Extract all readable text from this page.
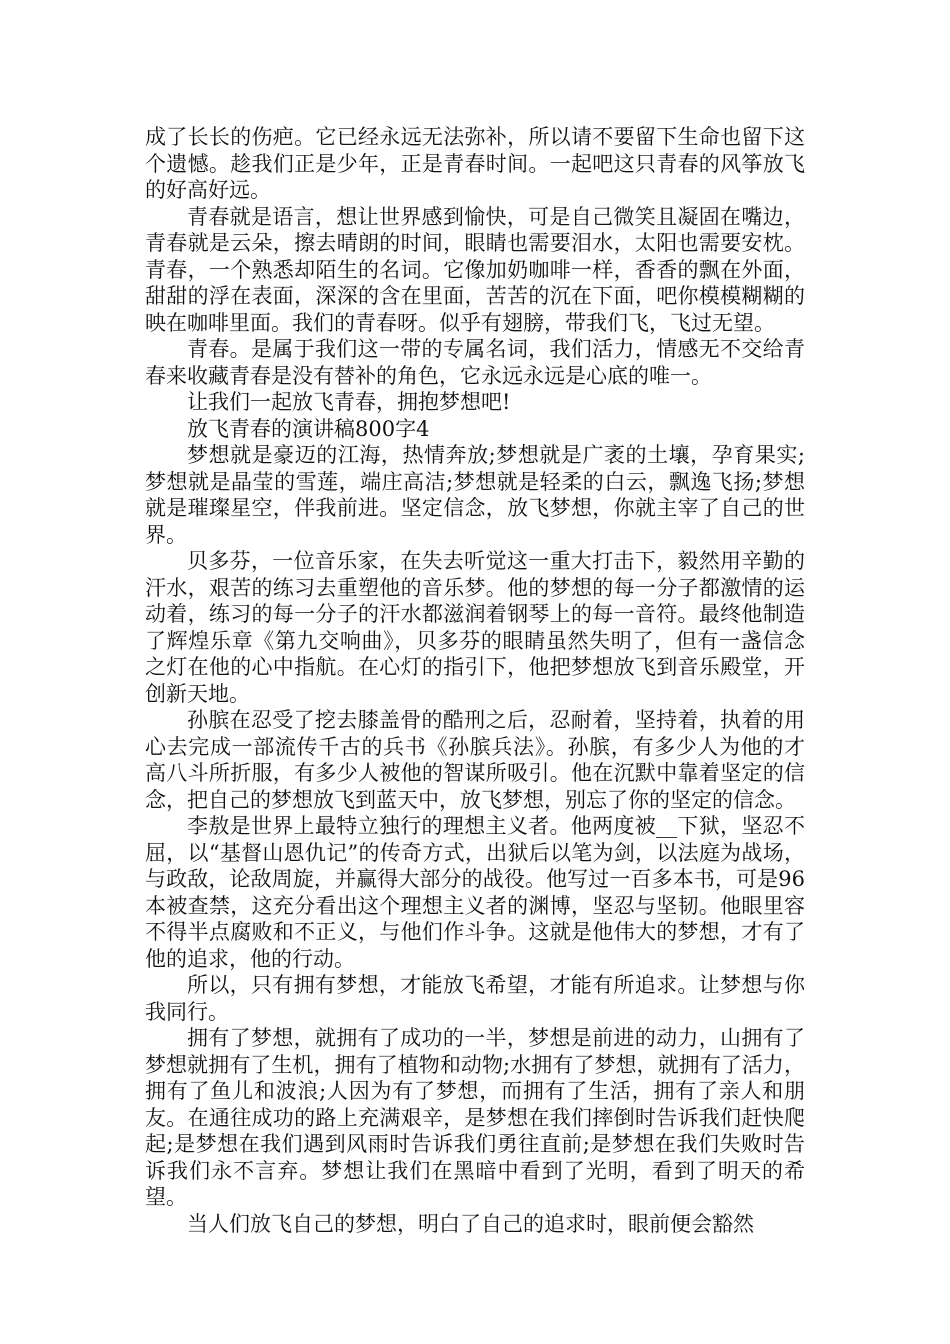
成了长长的伤疤。它已经永远无法弥补，所以请不要留下生命也留下这个遗憾。趁我们正是少年，正是青春时间。一起吧这只青春的风筝放飞的好高好远。

青春就是语言，想让世界感到愉快，可是自己微笑且凝固在嘴边，青春就是云朵，擦去晴朗的时间，眼睛也需要泪水，太阳也需要安枕。青春，一个熟悉却陌生的名词。它像加奶咖啡一样，香香的飘在外面，甜甜的浮在表面，深深的含在里面，苦苦的沉在下面，吧你模模糊糊的映在咖啡里面。我们的青春呀。似乎有翅膀，带我们飞，飞过无望。

青春。是属于我们这一带的专属名词，我们活力，情感无不交给青春来收藏青春是没有替补的角色，它永远永远是心底的唯一。

让我们一起放飞青春，拥抱梦想吧!

放飞青春的演讲稿800字4

梦想就是豪迈的江海，热情奔放;梦想就是广袤的土壤，孕育果实;梦想就是晶莹的雪莲，端庄高洁;梦想就是轻柔的白云，飘逸飞扬;梦想就是璀璨星空，伴我前进。坚定信念，放飞梦想，你就主宰了自己的世界。

贝多芬，一位音乐家，在失去听觉这一重大打击下，毅然用辛勤的汗水，艰苦的练习去重塑他的音乐梦。他的梦想的每一分子都激情的运动着，练习的每一分子的汗水都滋润着钢琴上的每一音符。最终他制造了辉煌乐章《第九交响曲》，贝多芬的眼睛虽然失明了，但有一盏信念之灯在他的心中指航。在心灯的指引下，他把梦想放飞到音乐殿堂，开创新天地。

孙膑在忍受了挖去膝盖骨的酷刑之后，忍耐着，坚持着，执着的用心去完成一部流传千古的兵书《孙膑兵法》。孙膑，有多少人为他的才高八斗所折服，有多少人被他的智谋所吸引。他在沉默中靠着坚定的信念，把自己的梦想放飞到蓝天中，放飞梦想，别忘了你的坚定的信念。

李敖是世界上最特立独行的理想主义者。他两度被__下狱，坚忍不屈，以“基督山恩仇记”的传奇方式，出狱后以笔为剑，以法庭为战场，与政敌，论敌周旋，并赢得大部分的战役。他写过一百多本书，可是96本被查禁，这充分看出这个理想主义者的渊博，坚忍与坚韧。他眼里容不得半点腐败和不正义，与他们作斗争。这就是他伟大的梦想，才有了他的追求，他的行动。

所以，只有拥有梦想，才能放飞希望，才能有所追求。让梦想与你我同行。

拥有了梦想，就拥有了成功的一半，梦想是前进的动力，山拥有了梦想就拥有了生机，拥有了植物和动物;水拥有了梦想，就拥有了活力，拥有了鱼儿和波浪;人因为有了梦想，而拥有了生活，拥有了亲人和朋友。在通往成功的路上充满艰辛，是梦想在我们摔倒时告诉我们赶快爬起;是梦想在我们遇到风雨时告诉我们勇往直前;是梦想在我们失败时告诉我们永不言弃。梦想让我们在黑暗中看到了光明，看到了明天的希望。

当人们放飞自己的梦想，明白了自己的追求时，眼前便会豁然
